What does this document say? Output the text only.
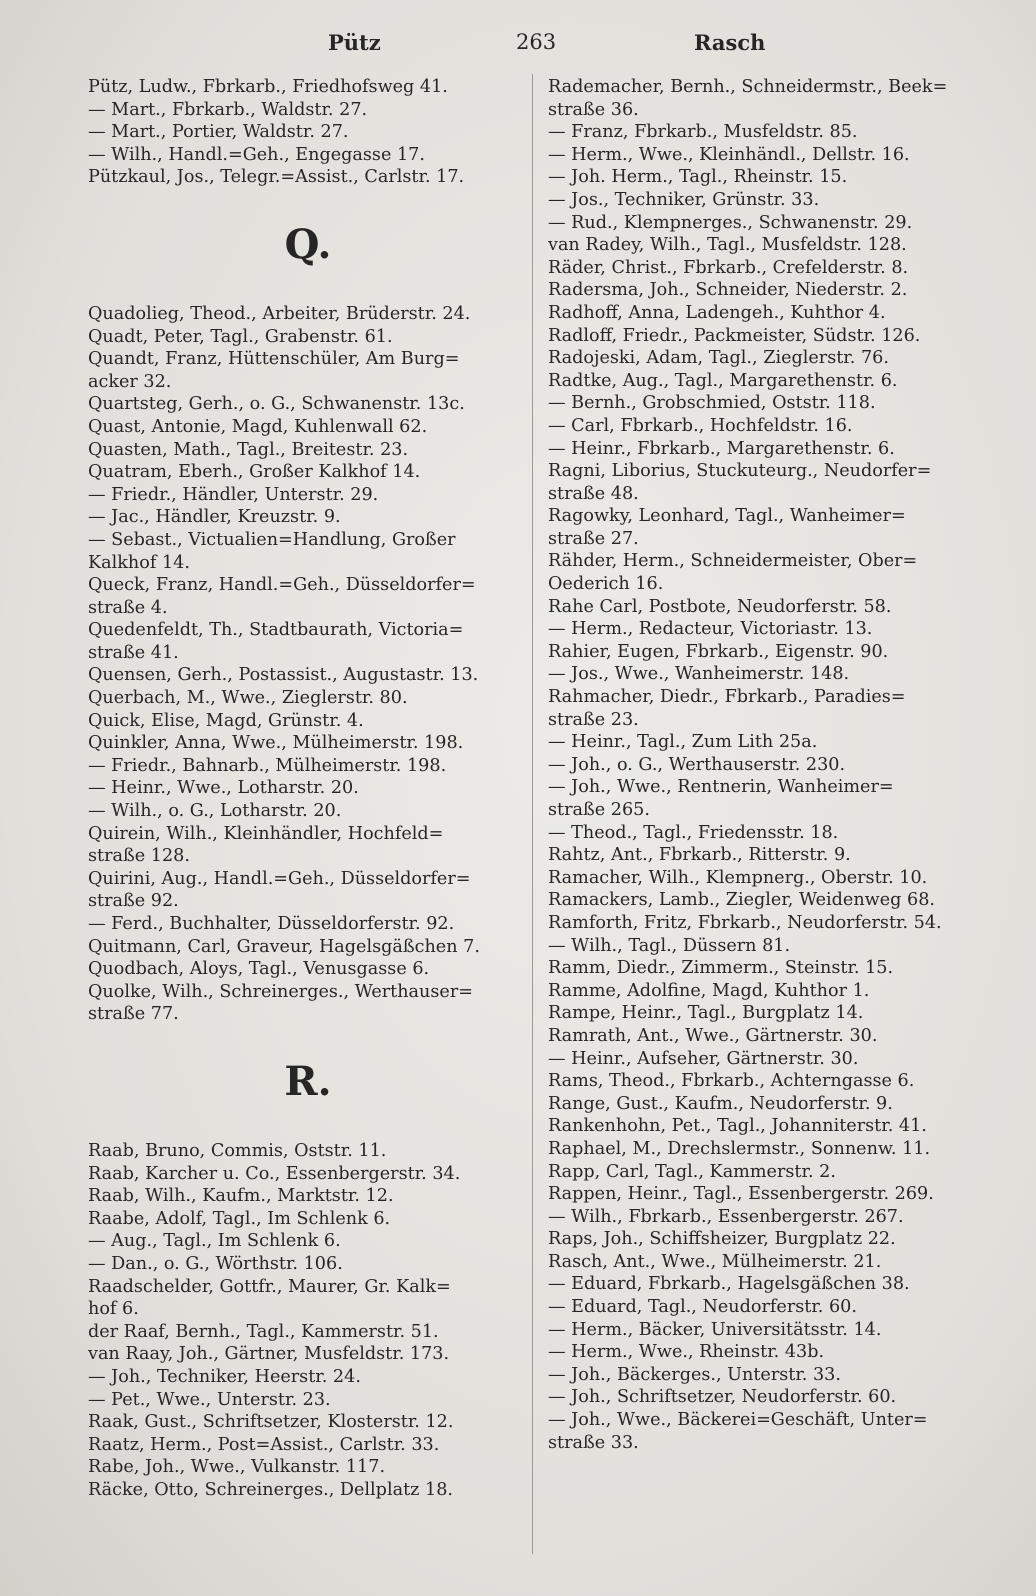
Pütz	263	Rasch
Pütz, Ludw., Fbrkarb., Friedhofsweg 41.
— Mart., Fbrkarb., Waldstr. 27.
— Mart., Portier, Waldstr. 27.
— Wilh., Handl.=Geh., Engegasse 17.
Pützkaul, Jos., Telegr.=Assist., Carlstr. 17.
Q.
Quadolieg, Theod., Arbeiter, Brüderstr. 24.
Quadt, Peter, Tagl., Grabenstr. 61.
Quandt, Franz, Hüttenschüler, Am Burg=
acker 32.
Quartsteg, Gerh., o. G., Schwanenstr. 13c.
Quast, Antonie, Magd, Kuhlenwall 62.
Quasten, Math., Tagl., Breitestr. 23.
Quatram, Eberh., Großer Kalkhof 14.
— Friedr., Händler, Unterstr. 29.
— Jac., Händler, Kreuzstr. 9.
— Sebast., Victualien=Handlung, Großer
Kalkhof 14.
Queck, Franz, Handl.=Geh., Düsseldorfer=
straße 4.
Quedenfeldt, Th., Stadtbaurath, Victoria=
straße 41.
Quensen, Gerh., Postassist., Augustastr. 13.
Querbach, M., Wwe., Zieglerstr. 80.
Quick, Elise, Magd, Grünstr. 4.
Quinkler, Anna, Wwe., Mülheimerstr. 198.
— Friedr., Bahnarb., Mülheimerstr. 198.
— Heinr., Wwe., Lotharstr. 20.
— Wilh., o. G., Lotharstr. 20.
Quirein, Wilh., Kleinhändler, Hochfeld=
straße 128.
Quirini, Aug., Handl.=Geh., Düsseldorfer=
straße 92.
— Ferd., Buchhalter, Düsseldorferstr. 92.
Quitmann, Carl, Graveur, Hagelsgäßchen 7.
Quodbach, Aloys, Tagl., Venusgasse 6.
Quolke, Wilh., Schreinerges., Werthauser=
straße 77.
R.
Raab, Bruno, Commis, Oststr. 11.
Raab, Karcher u. Co., Essenbergerstr. 34.
Raab, Wilh., Kaufm., Marktstr. 12.
Raabe, Adolf, Tagl., Im Schlenk 6.
— Aug., Tagl., Im Schlenk 6.
— Dan., o. G., Wörthstr. 106.
Raadschelder, Gottfr., Maurer, Gr. Kalk=
hof 6.
der Raaf, Bernh., Tagl., Kammerstr. 51.
van Raay, Joh., Gärtner, Musfeldstr. 173.
— Joh., Techniker, Heerstr. 24.
— Pet., Wwe., Unterstr. 23.
Raak, Gust., Schriftsetzer, Klosterstr. 12.
Raatz, Herm., Post=Assist., Carlstr. 33.
Rabe, Joh., Wwe., Vulkanstr. 117.
Räcke, Otto, Schreinerges., Dellplatz 18.
Rademacher, Bernh., Schneidermstr., Beek=
straße 36.
— Franz, Fbrkarb., Musfeldstr. 85.
— Herm., Wwe., Kleinhändl., Dellstr. 16.
— Joh. Herm., Tagl., Rheinstr. 15.
— Jos., Techniker, Grünstr. 33.
— Rud., Klempnerges., Schwanenstr. 29.
van Radey, Wilh., Tagl., Musfeldstr. 128.
Räder, Christ., Fbrkarb., Crefelderstr. 8.
Radersma, Joh., Schneider, Niederstr. 2.
Radhoff, Anna, Ladengeh., Kuhthor 4.
Radloff, Friedr., Packmeister, Südstr. 126.
Radojeski, Adam, Tagl., Zieglerstr. 76.
Radtke, Aug., Tagl., Margarethenstr. 6.
— Bernh., Grobschmied, Oststr. 118.
— Carl, Fbrkarb., Hochfeldstr. 16.
— Heinr., Fbrkarb., Margarethenstr. 6.
Ragni, Liborius, Stuckuteurg., Neudorfer=
straße 48.
Ragowky, Leonhard, Tagl., Wanheimer=
straße 27.
Rähder, Herm., Schneidermeister, Ober=
Oederich 16.
Rahe Carl, Postbote, Neudorferstr. 58.
— Herm., Redacteur, Victoriastr. 13.
Rahier, Eugen, Fbrkarb., Eigenstr. 90.
— Jos., Wwe., Wanheimerstr. 148.
Rahmacher, Diedr., Fbrkarb., Paradies=
straße 23.
— Heinr., Tagl., Zum Lith 25a.
— Joh., o. G., Werthauserstr. 230.
— Joh., Wwe., Rentnerin, Wanheimer=
straße 265.
— Theod., Tagl., Friedensstr. 18.
Rahtz, Ant., Fbrkarb., Ritterstr. 9.
Ramacher, Wilh., Klempnerg., Oberstr. 10.
Ramackers, Lamb., Ziegler, Weidenweg 68.
Ramforth, Fritz, Fbrkarb., Neudorferstr. 54.
— Wilh., Tagl., Düssern 81.
Ramm, Diedr., Zimmerm., Steinstr. 15.
Ramme, Adolfine, Magd, Kuhthor 1.
Rampe, Heinr., Tagl., Burgplatz 14.
Ramrath, Ant., Wwe., Gärtnerstr. 30.
— Heinr., Aufseher, Gärtnerstr. 30.
Rams, Theod., Fbrkarb., Achterngasse 6.
Range, Gust., Kaufm., Neudorferstr. 9.
Rankenhohn, Pet., Tagl., Johanniterstr. 41.
Raphael, M., Drechslermstr., Sonnenw. 11.
Rapp, Carl, Tagl., Kammerstr. 2.
Rappen, Heinr., Tagl., Essenbergerstr. 269.
— Wilh., Fbrkarb., Essenbergerstr. 267.
Raps, Joh., Schiffsheizer, Burgplatz 22.
Rasch, Ant., Wwe., Mülheimerstr. 21.
— Eduard, Fbrkarb., Hagelsgäßchen 38.
— Eduard, Tagl., Neudorferstr. 60.
— Herm., Bäcker, Universitätsstr. 14.
— Herm., Wwe., Rheinstr. 43b.
— Joh., Bäckerges., Unterstr. 33.
— Joh., Schriftsetzer, Neudorferstr. 60.
— Joh., Wwe., Bäckerei=Geschäft, Unter=
straße 33.
